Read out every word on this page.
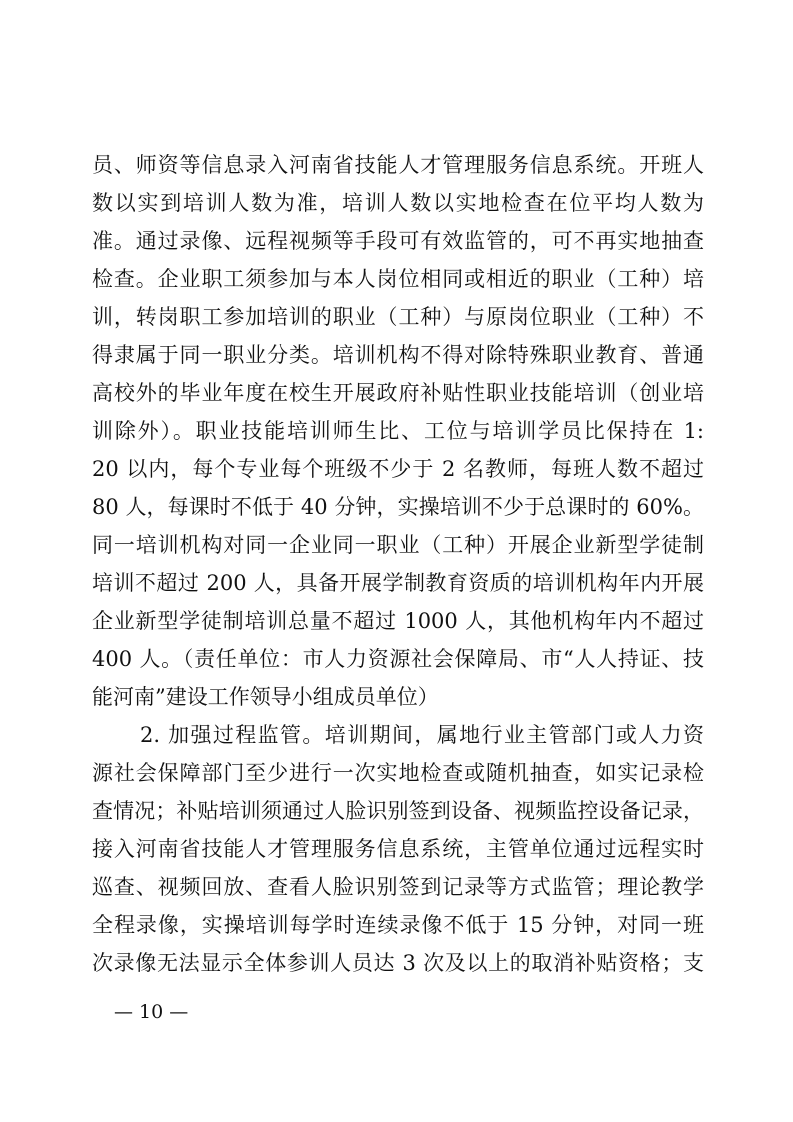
员、师资等信息录入河南省技能人才管理服务信息系统。开班人
数以实到培训人数为准，培训人数以实地检查在位平均人数为
准。通过录像、远程视频等手段可有效监管的，可不再实地抽查
检查。企业职工须参加与本人岗位相同或相近的职业（工种）培
训，转岗职工参加培训的职业（工种）与原岗位职业（工种）不
得隶属于同一职业分类。培训机构不得对除特殊职业教育、普通
高校外的毕业年度在校生开展政府补贴性职业技能培训（创业培
训除外）。职业技能培训师生比、工位与培训学员比保持在 1:
20 以内，每个专业每个班级不少于 2 名教师，每班人数不超过
80 人，每课时不低于 40 分钟，实操培训不少于总课时的 60%。
同一培训机构对同一企业同一职业（工种）开展企业新型学徒制
培训不超过 200 人，具备开展学制教育资质的培训机构年内开展
企业新型学徒制培训总量不超过 1000 人，其他机构年内不超过
400 人。（责任单位：市人力资源社会保障局、市“人人持证、技
能河南”建设工作领导小组成员单位）
2. 加强过程监管。培训期间，属地行业主管部门或人力资
源社会保障部门至少进行一次实地检查或随机抽查，如实记录检
查情况；补贴培训须通过人脸识别签到设备、视频监控设备记录，
接入河南省技能人才管理服务信息系统，主管单位通过远程实时
巡查、视频回放、查看人脸识别签到记录等方式监管；理论教学
全程录像，实操培训每学时连续录像不低于 15 分钟，对同一班
次录像无法显示全体参训人员达 3 次及以上的取消补贴资格；支
— 10 —
